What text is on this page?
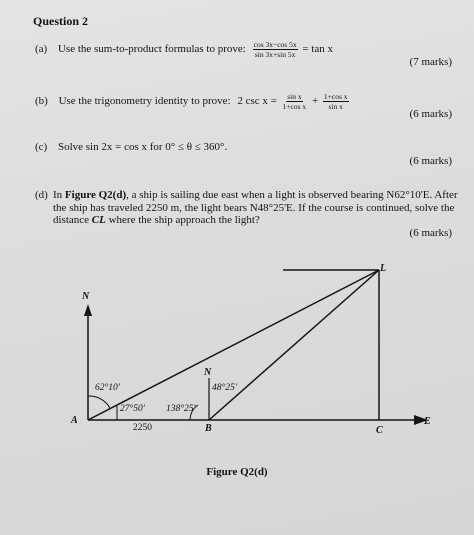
Question 2
(a) Use the sum-to-product formulas to prove: $\frac{\cos 3x-\cos 5x}{\sin 3x+\sin 5x} = \tan x$
(7 marks)
(b) Use the trigonometry identity to prove: 2 $\csc x = \frac{\text{sin x}}{\text{1+cos x}} + \frac{\text{1+cos x}}{\text{sin x}}$
(6 marks)
(c) Solve sin 2x = cos x for 0° ≤ θ ≤ 360°.
(6 marks)
(d) In Figure Q2(d), a ship is sailing due east when a light is observed bearing N62°10'E. After the ship has traveled 2250 m, the light bears N48°25'E. If the course is continued, solve the distance CL where the ship approach the light?
(6 marks)
N
N
L
A
B	C
E
62°10'
27°50' 138°25'
48°25'
2250
Figure Q2(d)
